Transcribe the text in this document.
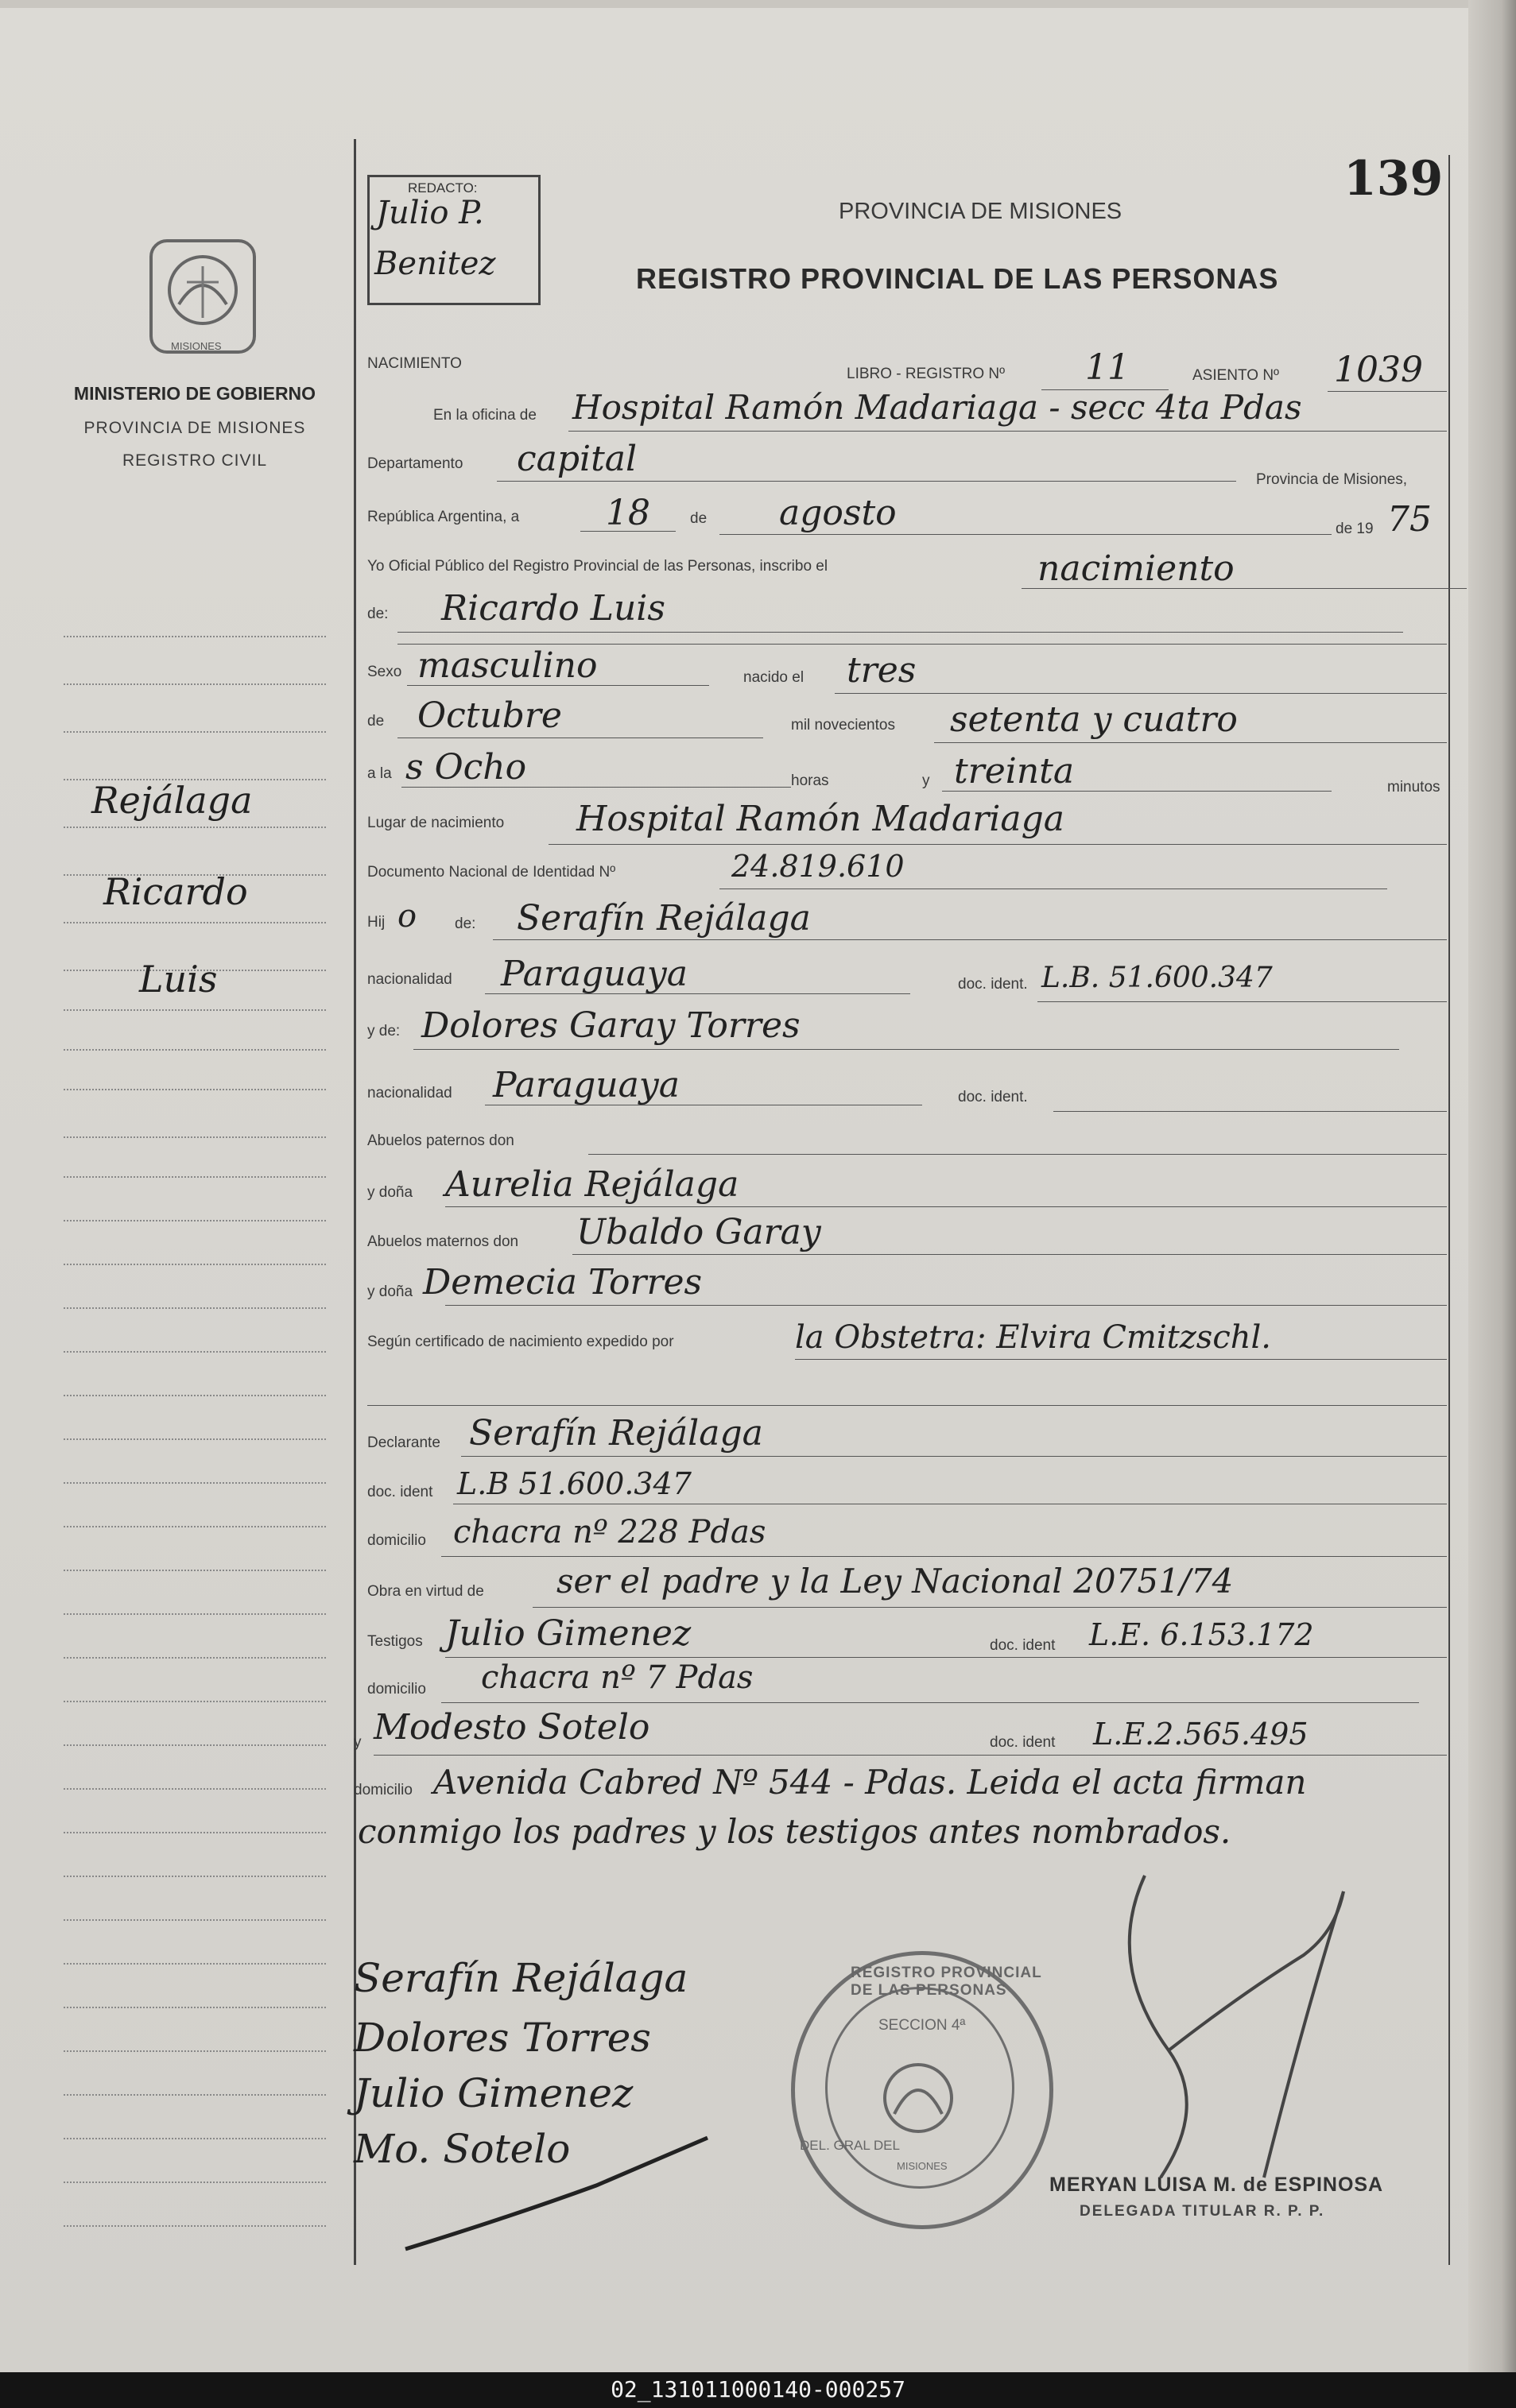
139
REDACTO:
Julio P.
Benitez
PROVINCIA DE MISIONES
REGISTRO PROVINCIAL DE LAS PERSONAS
MISIONES
MINISTERIO DE GOBIERNO
PROVINCIA DE MISIONES
REGISTRO CIVIL
Rejálaga
Ricardo
Luis
NACIMIENTO
LIBRO - REGISTRO Nº 11	ASIENTO Nº 1039
En la oficina de Hospital Ramón Madariaga - secc 4ta Pdas
Departamento capital
Provincia de Misiones,
República Argentina, a 18	de agosto	de 19 75
Yo Oficial Público del Registro Provincial de las Personas, inscribo el	nacimiento
de: Ricardo Luis
Sexo masculino	nacido el tres
de Octubre	mil novecientos setenta y cuatro
a la s Ocho	horas	y treinta	minutos
Lugar de nacimiento Hospital Ramón Madariaga
Documento Nacional de Identidad Nº	24.819.610
Hij o	de: Serafín Rejálaga
nacionalidad Paraguaya	doc. ident. L.B. 51.600.347
y de: Dolores Garay Torres
nacionalidad Paraguaya	doc. ident.
Abuelos paternos don
y doña Aurelia Rejálaga
Abuelos maternos don Ubaldo Garay
y doña Demecia Torres
Según certificado de nacimiento expedido por	la Obstetra: Elvira Cmitzschl.
Declarante Serafín Rejálaga
doc. ident L.B 51.600.347
domicilio chacra nº 228 Pdas
Obra en virtud de ser el padre y la Ley Nacional 20751/74
Testigos Julio Gimenez	doc. ident L.E. 6.153.172
domicilio chacra nº 7 Pdas
y Modesto Sotelo	doc. ident L.E.2.565.495
domicilio Avenida Cabred Nº 544 - Pdas. Leida el acta firman
conmigo los padres y los testigos antes nombrados.
Serafín Rejálaga
Dolores Torres
Julio Gimenez
Mo. Sotelo
REGISTRO PROVINCIAL DE LAS PERSONAS
SECCION 4ª
DEL. GRAL DEL
MISIONES
MERYAN LUISA M. de ESPINOSA
DELEGADA TITULAR R. P. P.
02_131011000140-000257
